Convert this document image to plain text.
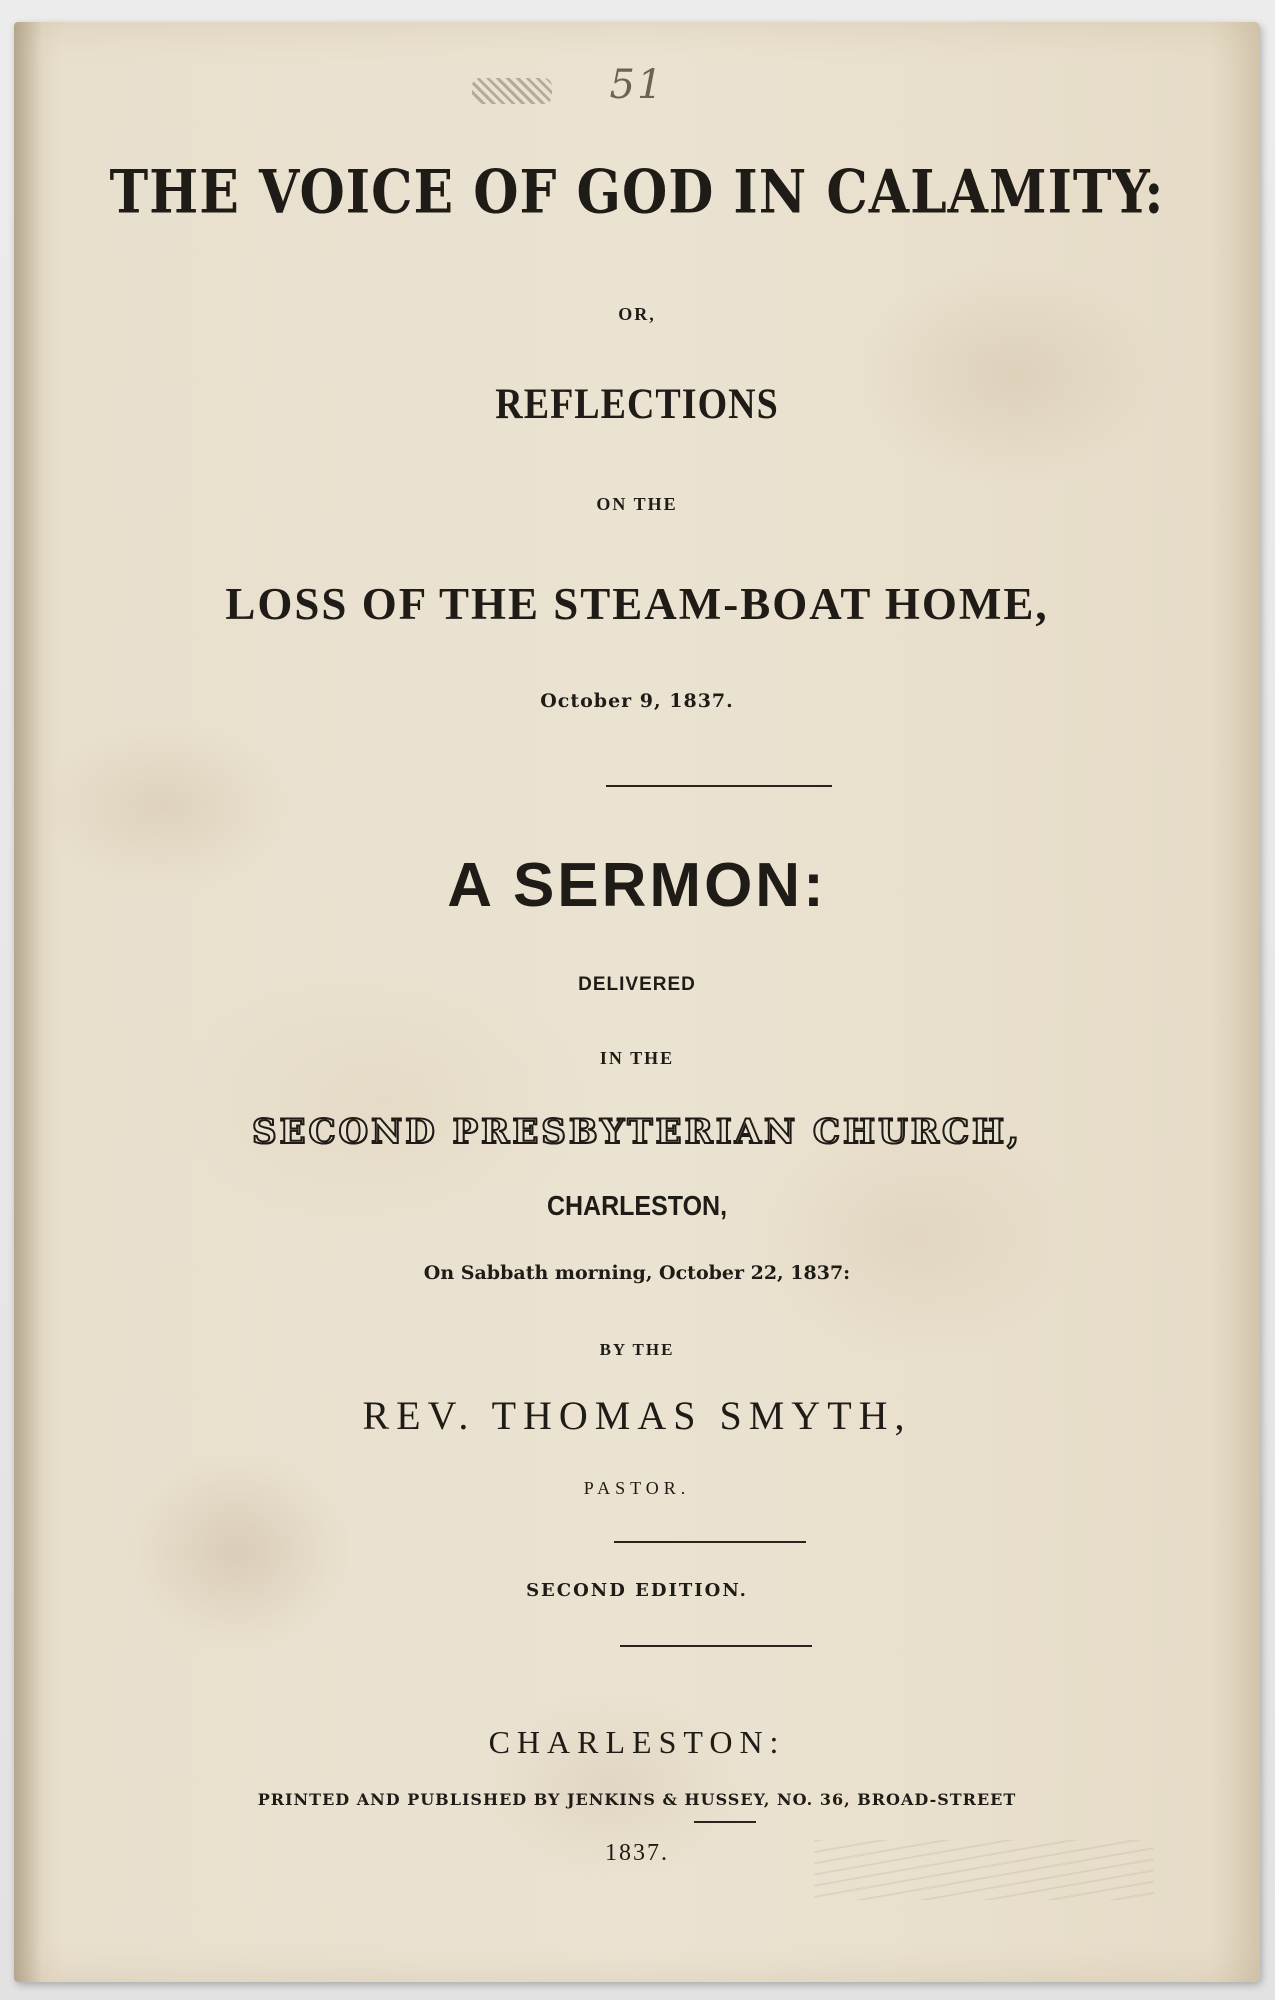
51
THE VOICE OF GOD IN CALAMITY:
OR,
REFLECTIONS
ON THE
LOSS OF THE STEAM-BOAT HOME,
October 9, 1837.
A SERMON:
DELIVERED
IN THE
SECOND PRESBYTERIAN CHURCH,
CHARLESTON,
On Sabbath morning, October 22, 1837:
BY THE
REV. THOMAS SMYTH,
PASTOR.
SECOND EDITION.
CHARLESTON:
PRINTED AND PUBLISHED BY JENKINS & HUSSEY, NO. 36, BROAD-STREET
1837.
